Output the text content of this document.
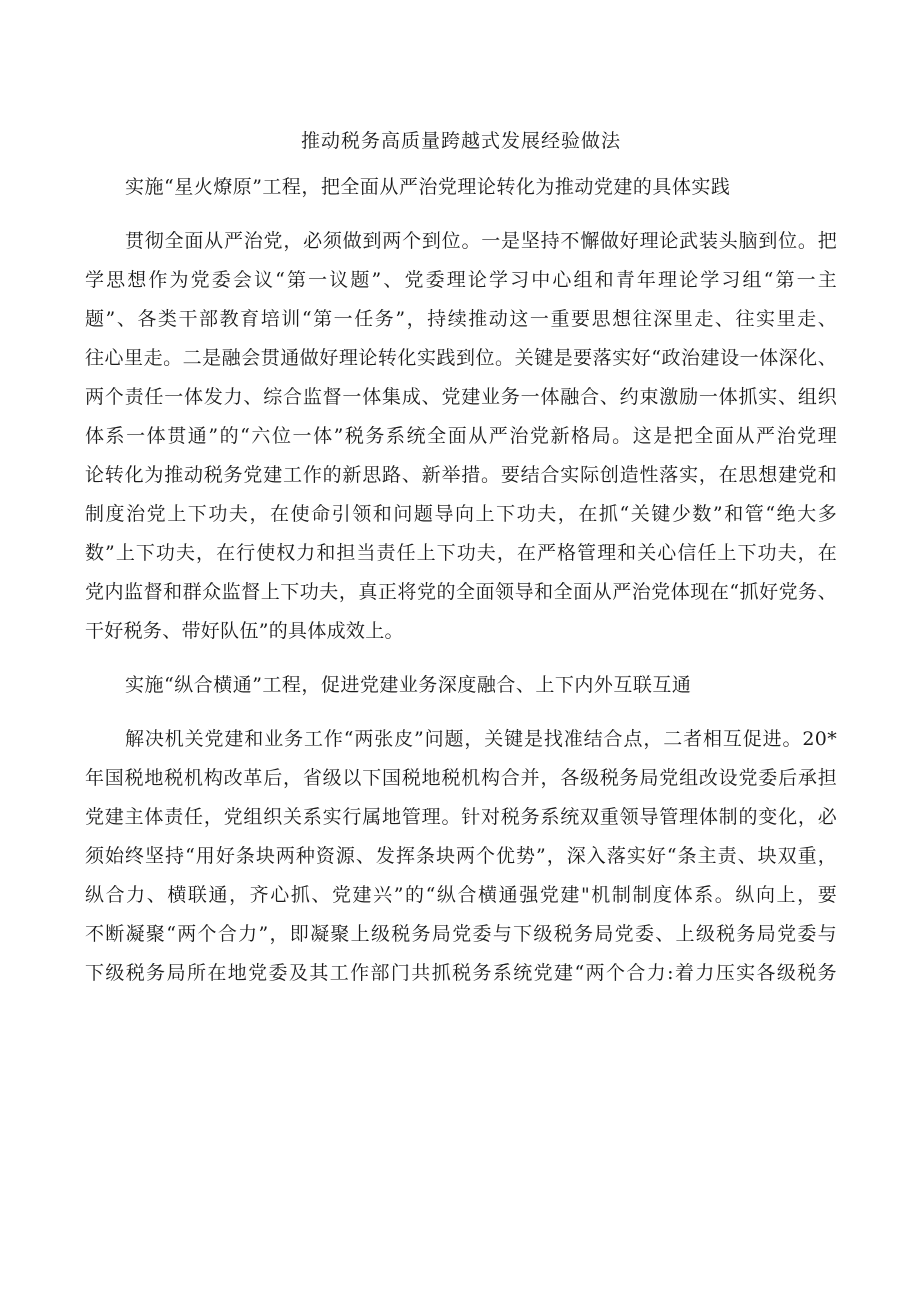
推动税务高质量跨越式发展经验做法
实施“星火燎原”工程，把全面从严治党理论转化为推动党建的具体实践
贯彻全面从严治党，必须做到两个到位。一是坚持不懈做好理论武装头脑到位。把
学思想作为党委会议“第一议题”、党委理论学习中心组和青年理论学习组“第一主
题”、各类干部教育培训“第一任务”，持续推动这一重要思想往深里走、往实里走、
往心里走。二是融会贯通做好理论转化实践到位。关键是要落实好“政治建设一体深化、
两个责任一体发力、综合监督一体集成、党建业务一体融合、约束激励一体抓实、组织
体系一体贯通”的“六位一体”税务系统全面从严治党新格局。这是把全面从严治党理
论转化为推动税务党建工作的新思路、新举措。要结合实际创造性落实，在思想建党和
制度治党上下功夫，在使命引领和问题导向上下功夫，在抓“关键少数”和管“绝大多
数”上下功夫，在行使权力和担当责任上下功夫，在严格管理和关心信任上下功夫，在
党内监督和群众监督上下功夫，真正将党的全面领导和全面从严治党体现在“抓好党务、
干好税务、带好队伍”的具体成效上。
实施“纵合横通”工程，促进党建业务深度融合、上下内外互联互通
解决机关党建和业务工作“两张皮”问题，关键是找准结合点，二者相互促进。20*
年国税地税机构改革后，省级以下国税地税机构合并，各级税务局党组改设党委后承担
党建主体责任，党组织关系实行属地管理。针对税务系统双重领导管理体制的变化，必
须始终坚持“用好条块两种资源、发挥条块两个优势”，深入落实好“条主责、块双重，
纵合力、横联通，齐心抓、党建兴”的“纵合横通强党建"机制制度体系。纵向上，要
不断凝聚“两个合力”，即凝聚上级税务局党委与下级税务局党委、上级税务局党委与
下级税务局所在地党委及其工作部门共抓税务系统党建“两个合力:着力压实各级税务
